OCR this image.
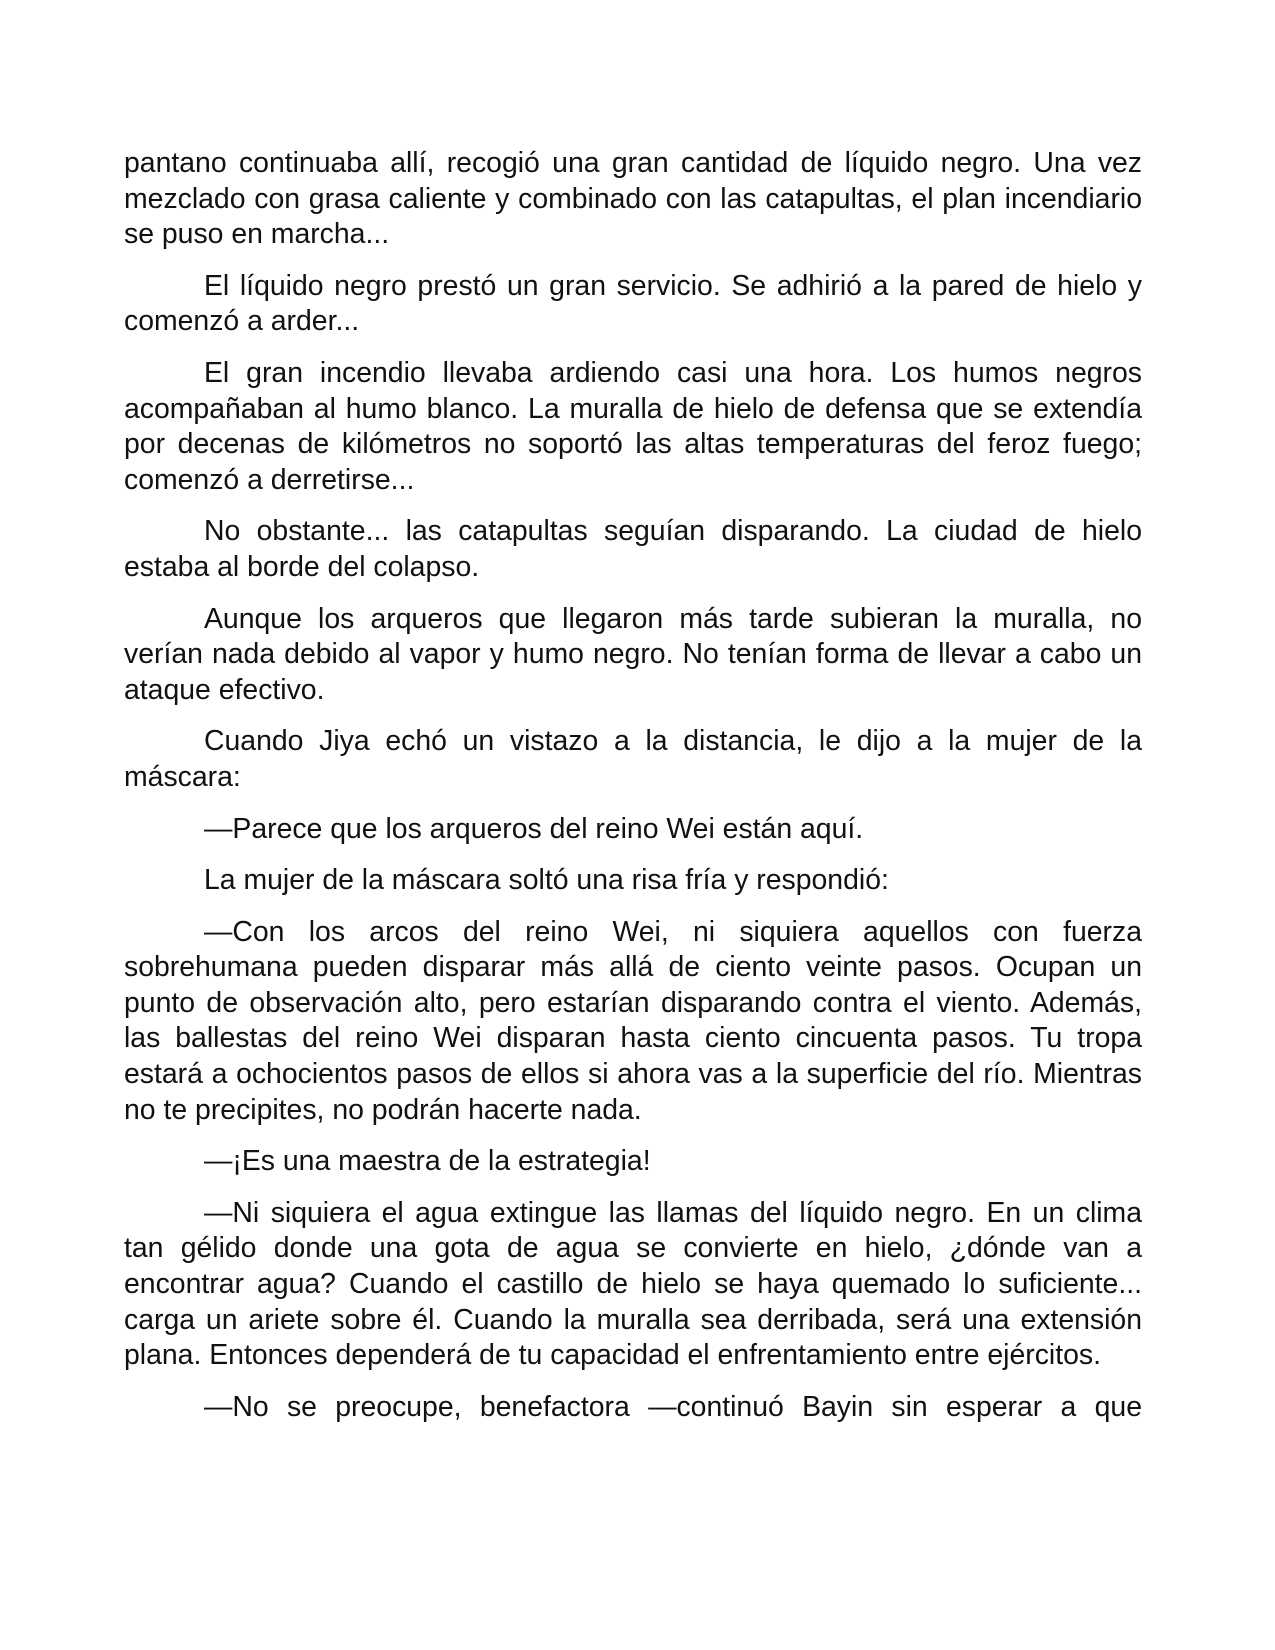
pantano continuaba allí, recogió una gran cantidad de líquido negro. Una vez mezclado con grasa caliente y combinado con las catapultas, el plan incendiario se puso en marcha...

El líquido negro prestó un gran servicio. Se adhirió a la pared de hielo y comenzó a arder...

El gran incendio llevaba ardiendo casi una hora. Los humos negros acompañaban al humo blanco. La muralla de hielo de defensa que se extendía por decenas de kilómetros no soportó las altas temperaturas del feroz fuego; comenzó a derretirse...

No obstante... las catapultas seguían disparando. La ciudad de hielo estaba al borde del colapso.

Aunque los arqueros que llegaron más tarde subieran la muralla, no verían nada debido al vapor y humo negro. No tenían forma de llevar a cabo un ataque efectivo.

Cuando Jiya echó un vistazo a la distancia, le dijo a la mujer de la máscara:

—Parece que los arqueros del reino Wei están aquí.

La mujer de la máscara soltó una risa fría y respondió:

—Con los arcos del reino Wei, ni siquiera aquellos con fuerza sobrehumana pueden disparar más allá de ciento veinte pasos. Ocupan un punto de observación alto, pero estarían disparando contra el viento. Además, las ballestas del reino Wei disparan hasta ciento cincuenta pasos. Tu tropa estará a ochocientos pasos de ellos si ahora vas a la superficie del río. Mientras no te precipites, no podrán hacerte nada.

—¡Es una maestra de la estrategia!

—Ni siquiera el agua extingue las llamas del líquido negro. En un clima tan gélido donde una gota de agua se convierte en hielo, ¿dónde van a encontrar agua? Cuando el castillo de hielo se haya quemado lo suficiente... carga un ariete sobre él. Cuando la muralla sea derribada, será una extensión plana. Entonces dependerá de tu capacidad el enfrentamiento entre ejércitos.

—No se preocupe, benefactora —continuó Bayin sin esperar a que
